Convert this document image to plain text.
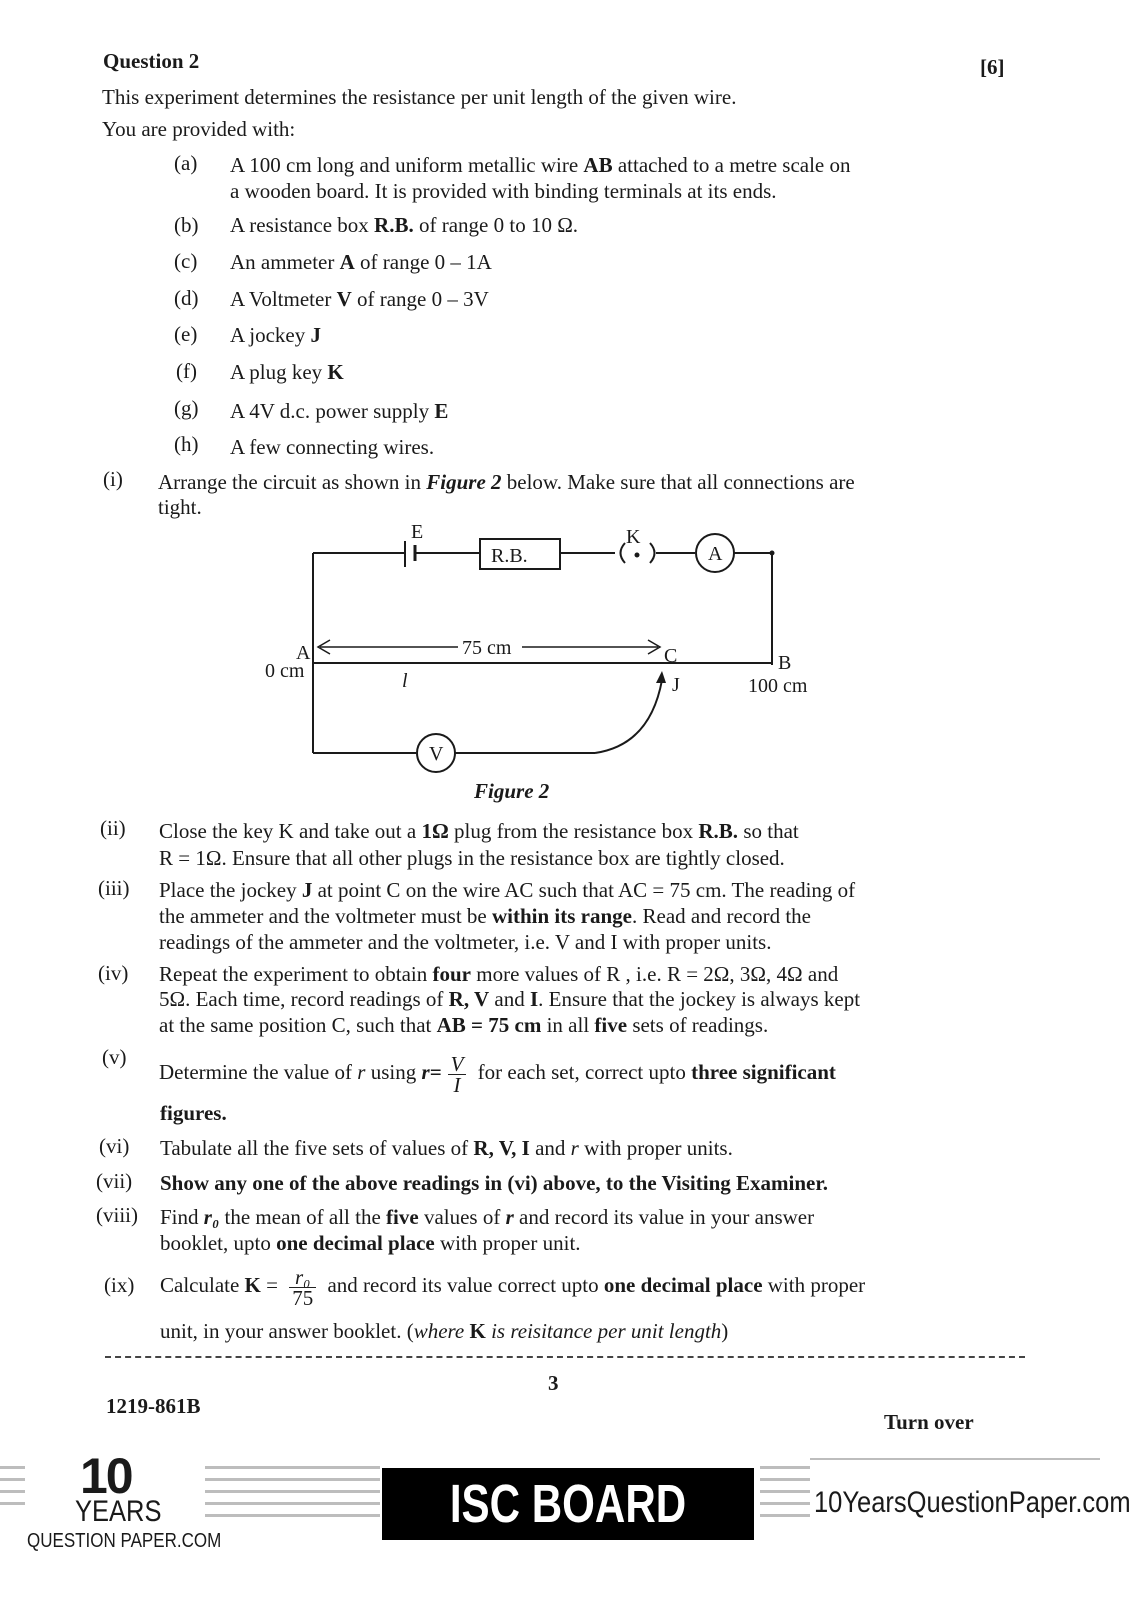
Question 2	[6]
This experiment determines the resistance per unit length of the given wire.
You are provided with:
(a) A 100 cm long and uniform metallic wire AB attached to a metre scale on
a wooden board. It is provided with binding terminals at its ends.
(b) A resistance box R.B. of range 0 to 10 Ω.
(c) An ammeter A of range 0 – 1A
(d) A Voltmeter V of range 0 – 3V
(e) A jockey J
(f) A plug key K
(g) A 4V d.c. power supply E
(h) A few connecting wires.
(i) Arrange the circuit as shown in Figure 2 below. Make sure that all connections are
tight.
E	K
R.B.	A
V
A
0 cm
75 cm	C	B
100 cm
l	J
Figure 2
(ii) Close the key K and take out a 1Ω plug from the resistance box R.B. so that
R = 1Ω. Ensure that all other plugs in the resistance box are tightly closed.
(iii) Place the jockey J at point C on the wire AC such that AC = 75 cm. The reading of
the ammeter and the voltmeter must be within its range. Read and record the
readings of the ammeter and the voltmeter, i.e. V and I with proper units.
(iv) Repeat the experiment to obtain four more values of R , i.e. R = 2Ω, 3Ω, 4Ω and
5Ω. Each time, record readings of R, V and I. Ensure that the jockey is always kept
at the same position C, such that AB = 75 cm in all five sets of readings.
(v)
Determine the value of r using $r= \frac{V}{I}$ for each set, correct upto three significant
figures.
(vi) Tabulate all the five sets of values of R, V, I and r with proper units.
(vii) Show any one of the above readings in (vi) above, to the Visiting Examiner.
(viii) Find r₀ the mean of all the five values of r and record its value in your answer
booklet, upto one decimal place with proper unit.
(ix) Calculate $K = \frac{\text{r₀}}{75}$ and record its value correct upto one decimal place with proper
unit, in your answer booklet. (where K is reisitance per unit length)
3
1219-861B
Turn over
10
YEARS
QUESTION PAPER.COM
ISC BOARD XII
10YearsQuestionPaper.com
